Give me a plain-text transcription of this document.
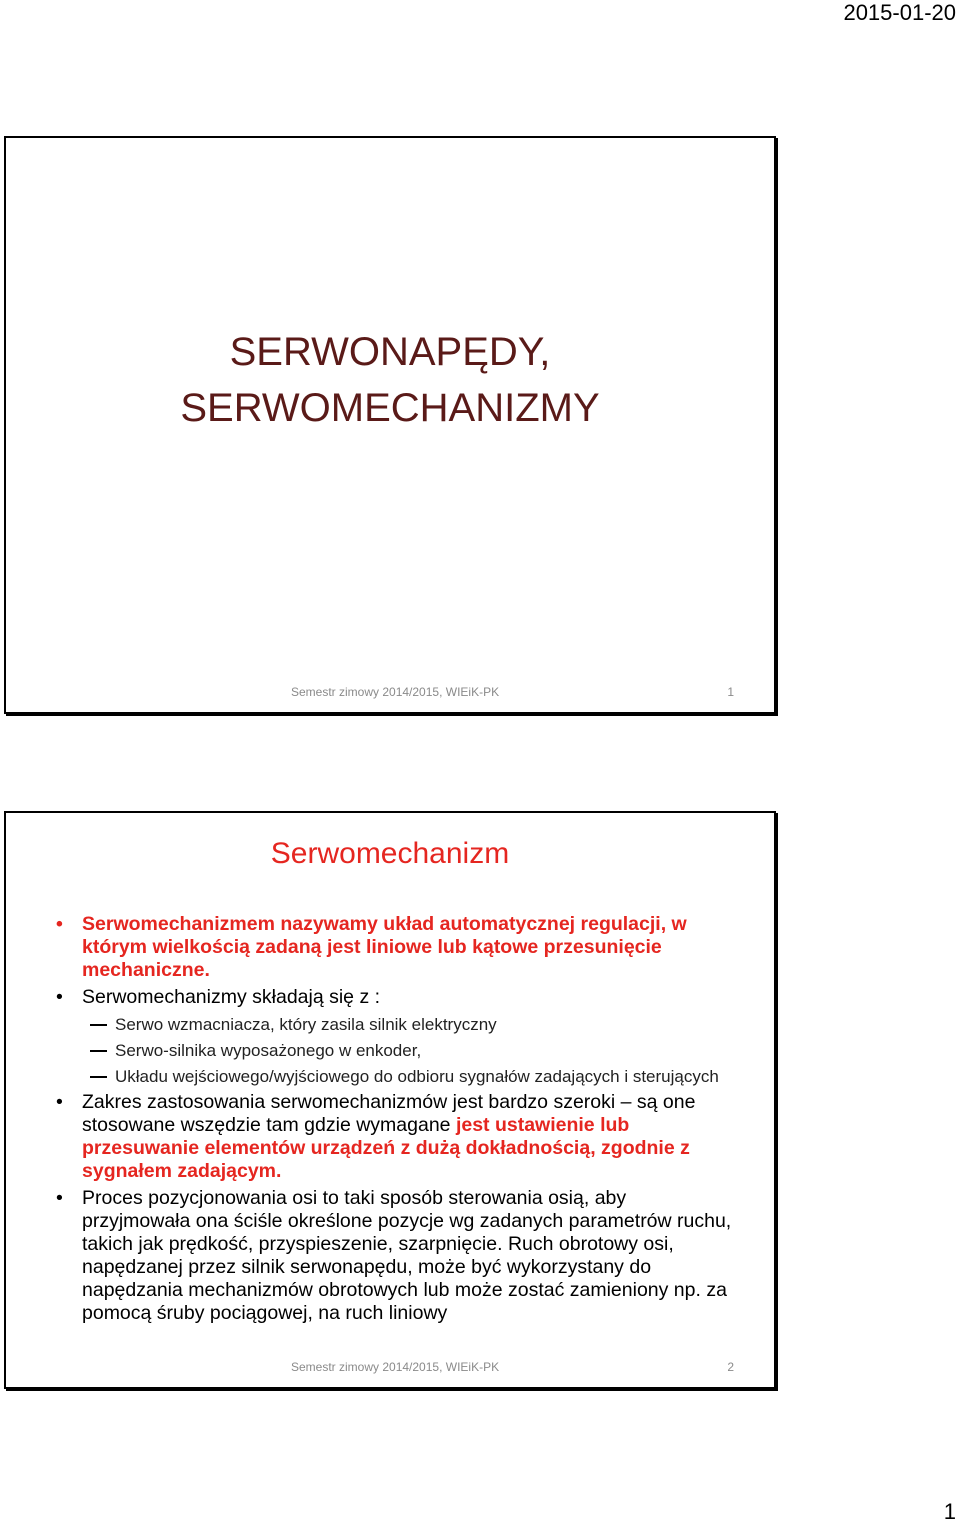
2015-01-20
SERWONAPĘDY,
SERWOMECHANIZMY
Semestr zimowy 2014/2015, WIEiK-PK	1
Serwomechanizm
• Serwomechanizmem nazywamy układ automatycznej regulacji, w którym wielkością zadaną jest liniowe lub kątowe przesunięcie mechaniczne.
• Serwomechanizmy składają się z :
Serwo wzmacniacza, który zasila silnik elektryczny
Serwo-silnika wyposażonego w enkoder,
Układu wejściowego/wyjściowego do odbioru sygnałów zadających i sterujących
• Zakres zastosowania serwomechanizmów jest bardzo szeroki – są one stosowane wszędzie tam gdzie wymagane jest ustawienie lub przesuwanie elementów urządzeń z dużą dokładnością, zgodnie z sygnałem zadającym.
• Proces pozycjonowania osi to taki sposób sterowania osią, aby przyjmowała ona ściśle określone pozycje wg zadanych parametrów ruchu, takich jak prędkość, przyspieszenie, szarpnięcie. Ruch obrotowy osi, napędzanej przez silnik serwonapędu, może być wykorzystany do napędzania mechanizmów obrotowych lub może zostać zamieniony np. za pomocą śruby pociągowej, na ruch liniowy
Semestr zimowy 2014/2015, WIEiK-PK	2
1
